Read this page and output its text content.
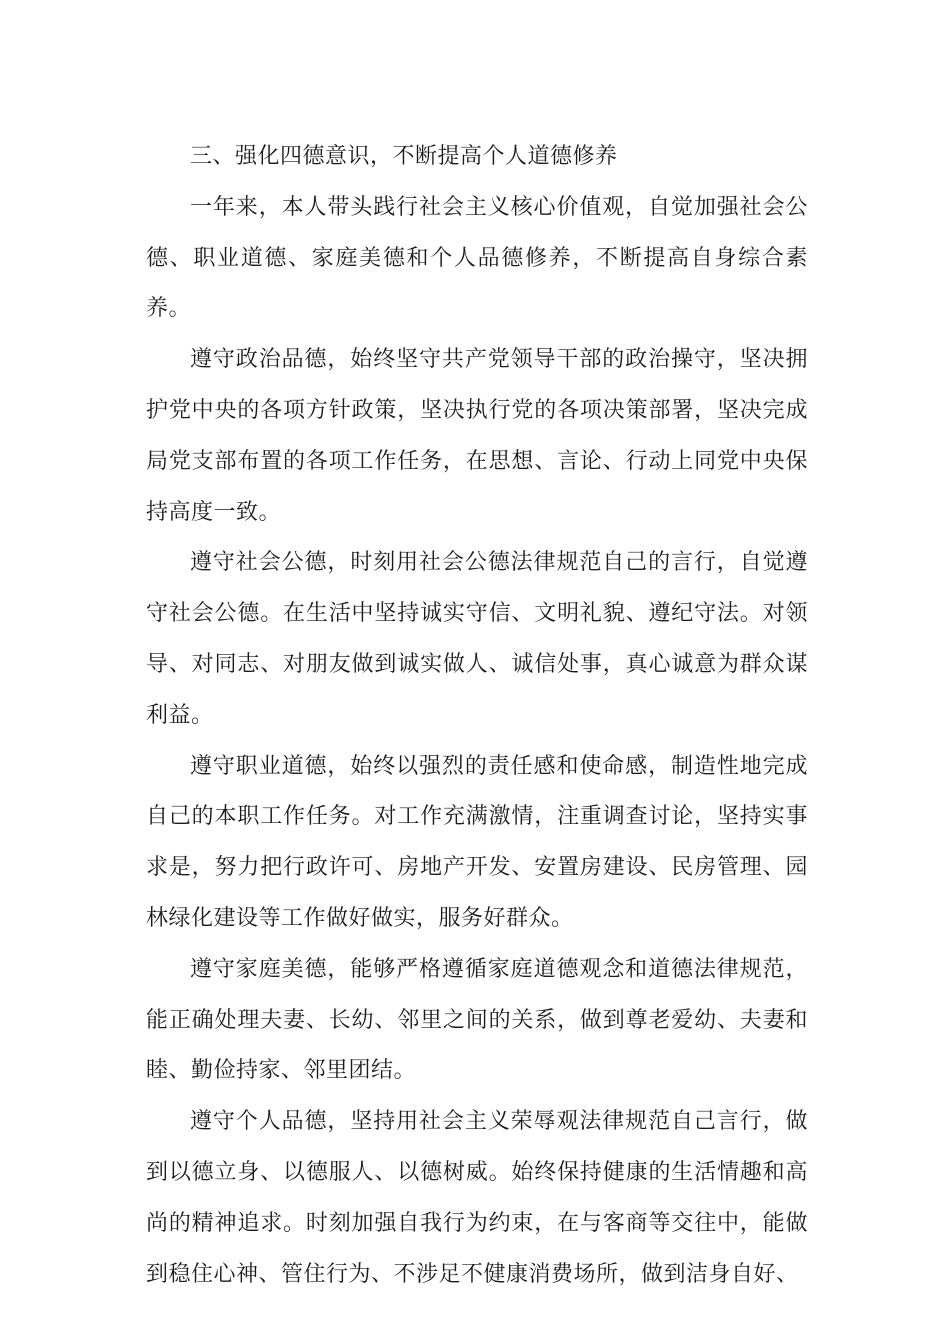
三、强化四德意识，不断提高个人道德修养

一年来，本人带头践行社会主义核心价值观，自觉加强社会公德、职业道德、家庭美德和个人品德修养，不断提高自身综合素养。

遵守政治品德，始终坚守共产党领导干部的政治操守，坚决拥护党中央的各项方针政策，坚决执行党的各项决策部署，坚决完成局党支部布置的各项工作任务，在思想、言论、行动上同党中央保持高度一致。

遵守社会公德，时刻用社会公德法律规范自己的言行，自觉遵守社会公德。在生活中坚持诚实守信、文明礼貌、遵纪守法。对领导、对同志、对朋友做到诚实做人、诚信处事，真心诚意为群众谋利益。

遵守职业道德，始终以强烈的责任感和使命感，制造性地完成自己的本职工作任务。对工作充满激情，注重调查讨论，坚持实事求是，努力把行政许可、房地产开发、安置房建设、民房管理、园林绿化建设等工作做好做实，服务好群众。

遵守家庭美德，能够严格遵循家庭道德观念和道德法律规范，能正确处理夫妻、长幼、邻里之间的关系，做到尊老爱幼、夫妻和睦、勤俭持家、邻里团结。

遵守个人品德，坚持用社会主义荣辱观法律规范自己言行，做到以德立身、以德服人、以德树威。始终保持健康的生活情趣和高尚的精神追求。时刻加强自我行为约束，在与客商等交往中，能做到稳住心神、管住行为、不涉足不健康消费场所，做到洁身自好、
